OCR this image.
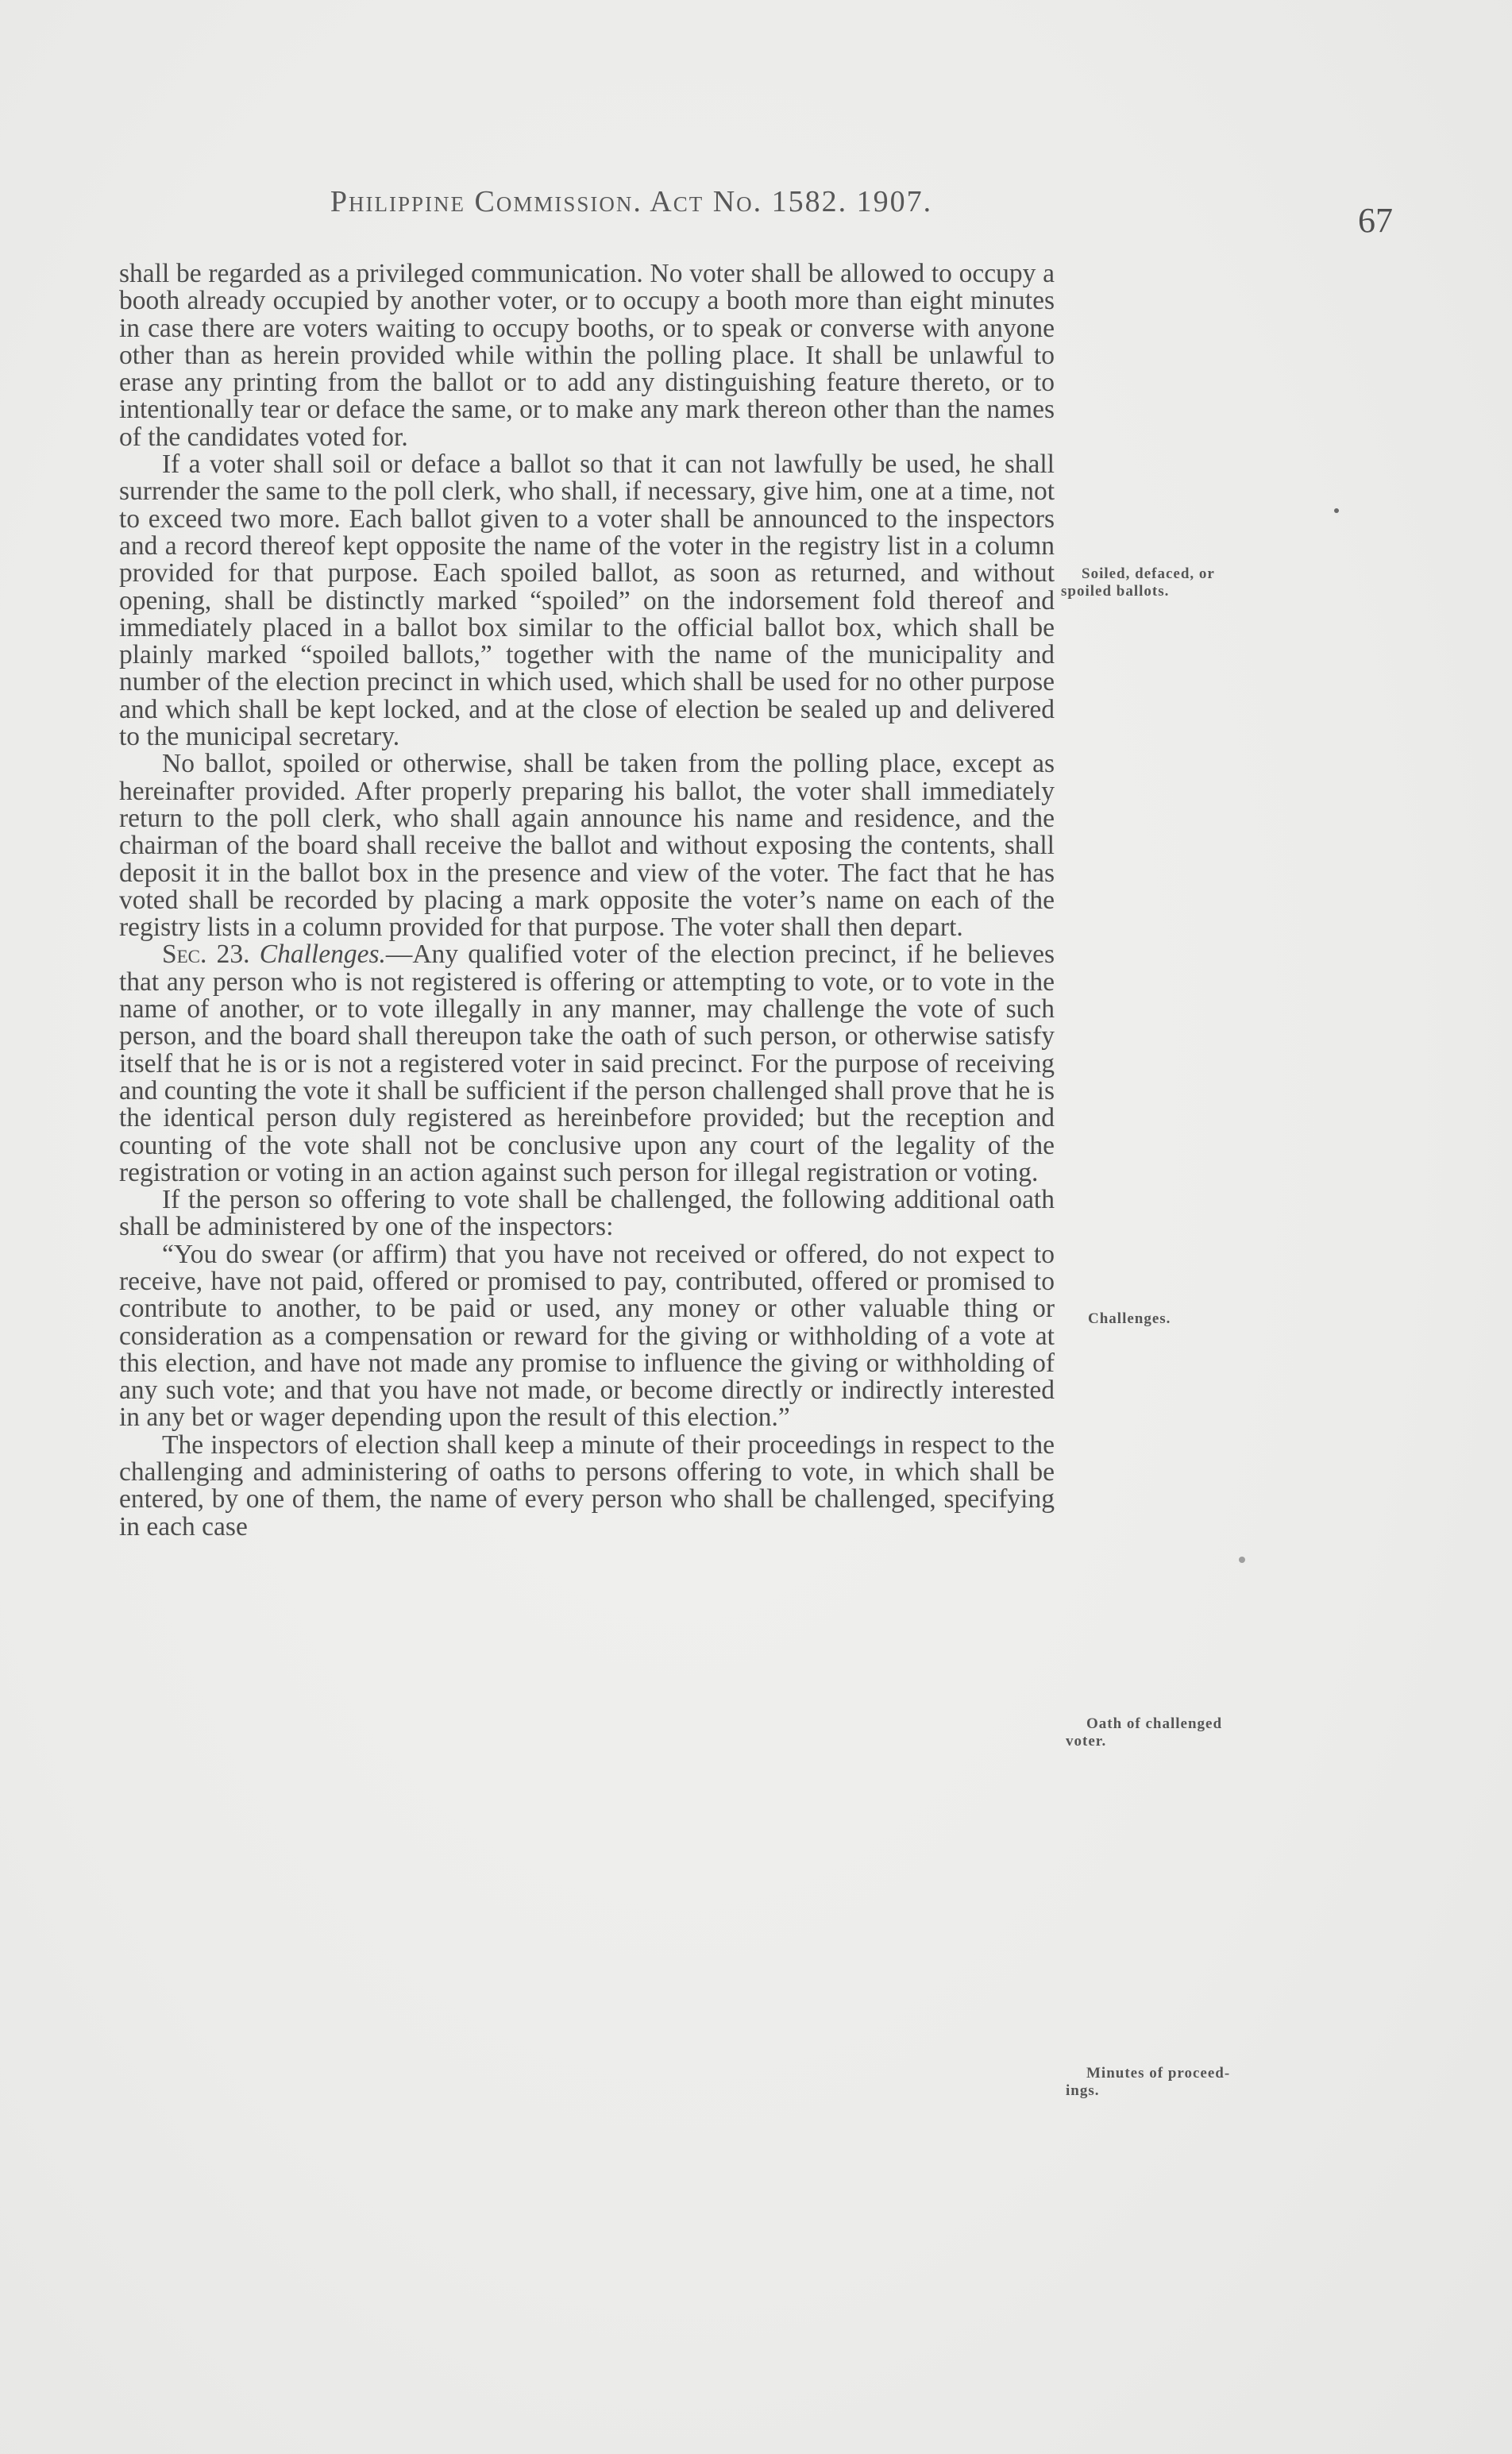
Philippine Commission. Act No. 1582. 1907.	67

shall be regarded as a privileged communication. No voter shall be allowed to occupy a booth already occupied by another voter, or to occupy a booth more than eight minutes in case there are voters waiting to occupy booths, or to speak or converse with anyone other than as herein provided while within the polling place. It shall be unlawful to erase any printing from the ballot or to add any distinguishing feature thereto, or to intentionally tear or deface the same, or to make any mark thereon other than the names of the candidates voted for.

If a voter shall soil or deface a ballot so that it can not lawfully be used, he shall surrender the same to the poll clerk, who shall, if necessary, give him, one at a time, not to exceed two more. Each ballot given to a voter shall be announced to the inspectors and a record thereof kept opposite the name of the voter in the registry list in a column provided for that purpose. Each spoiled ballot, as soon as returned, and without opening, shall be distinctly marked “spoiled” on the indorsement fold thereof and immediately placed in a ballot box similar to the official ballot box, which shall be plainly marked “spoiled ballots,” together with the name of the municipality and number of the election precinct in which used, which shall be used for no other purpose and which shall be kept locked, and at the close of election be sealed up and delivered to the municipal secretary.

No ballot, spoiled or otherwise, shall be taken from the polling place, except as hereinafter provided. After properly preparing his ballot, the voter shall immediately return to the poll clerk, who shall again announce his name and residence, and the chairman of the board shall receive the ballot and without exposing the contents, shall deposit it in the ballot box in the presence and view of the voter. The fact that he has voted shall be recorded by placing a mark opposite the voter’s name on each of the registry lists in a column provided for that purpose. The voter shall then depart.

Sec. 23. Challenges.—Any qualified voter of the election precinct, if he believes that any person who is not registered is offering or attempting to vote, or to vote in the name of another, or to vote illegally in any manner, may challenge the vote of such person, and the board shall thereupon take the oath of such person, or otherwise satisfy itself that he is or is not a registered voter in said precinct. For the purpose of receiving and counting the vote it shall be sufficient if the person challenged shall prove that he is the identical person duly registered as hereinbefore provided; but the reception and counting of the vote shall not be conclusive upon any court of the legality of the registration or voting in an action against such person for illegal registration or voting.

If the person so offering to vote shall be challenged, the following additional oath shall be administered by one of the inspectors:

“You do swear (or affirm) that you have not received or offered, do not expect to receive, have not paid, offered or promised to pay, contributed, offered or promised to contribute to another, to be paid or used, any money or other valuable thing or consideration as a compensation or reward for the giving or withholding of a vote at this election, and have not made any promise to influence the giving or withholding of any such vote; and that you have not made, or become directly or indirectly interested in any bet or wager depending upon the result of this election.”

The inspectors of election shall keep a minute of their proceedings in respect to the challenging and administering of oaths to persons offering to vote, in which shall be entered, by one of them, the name of every person who shall be challenged, specifying in each case

Soiled, defaced, or
spoiled ballots.
Challenges.
Oath of challenged
voter.
Minutes of proceed-
ings.
